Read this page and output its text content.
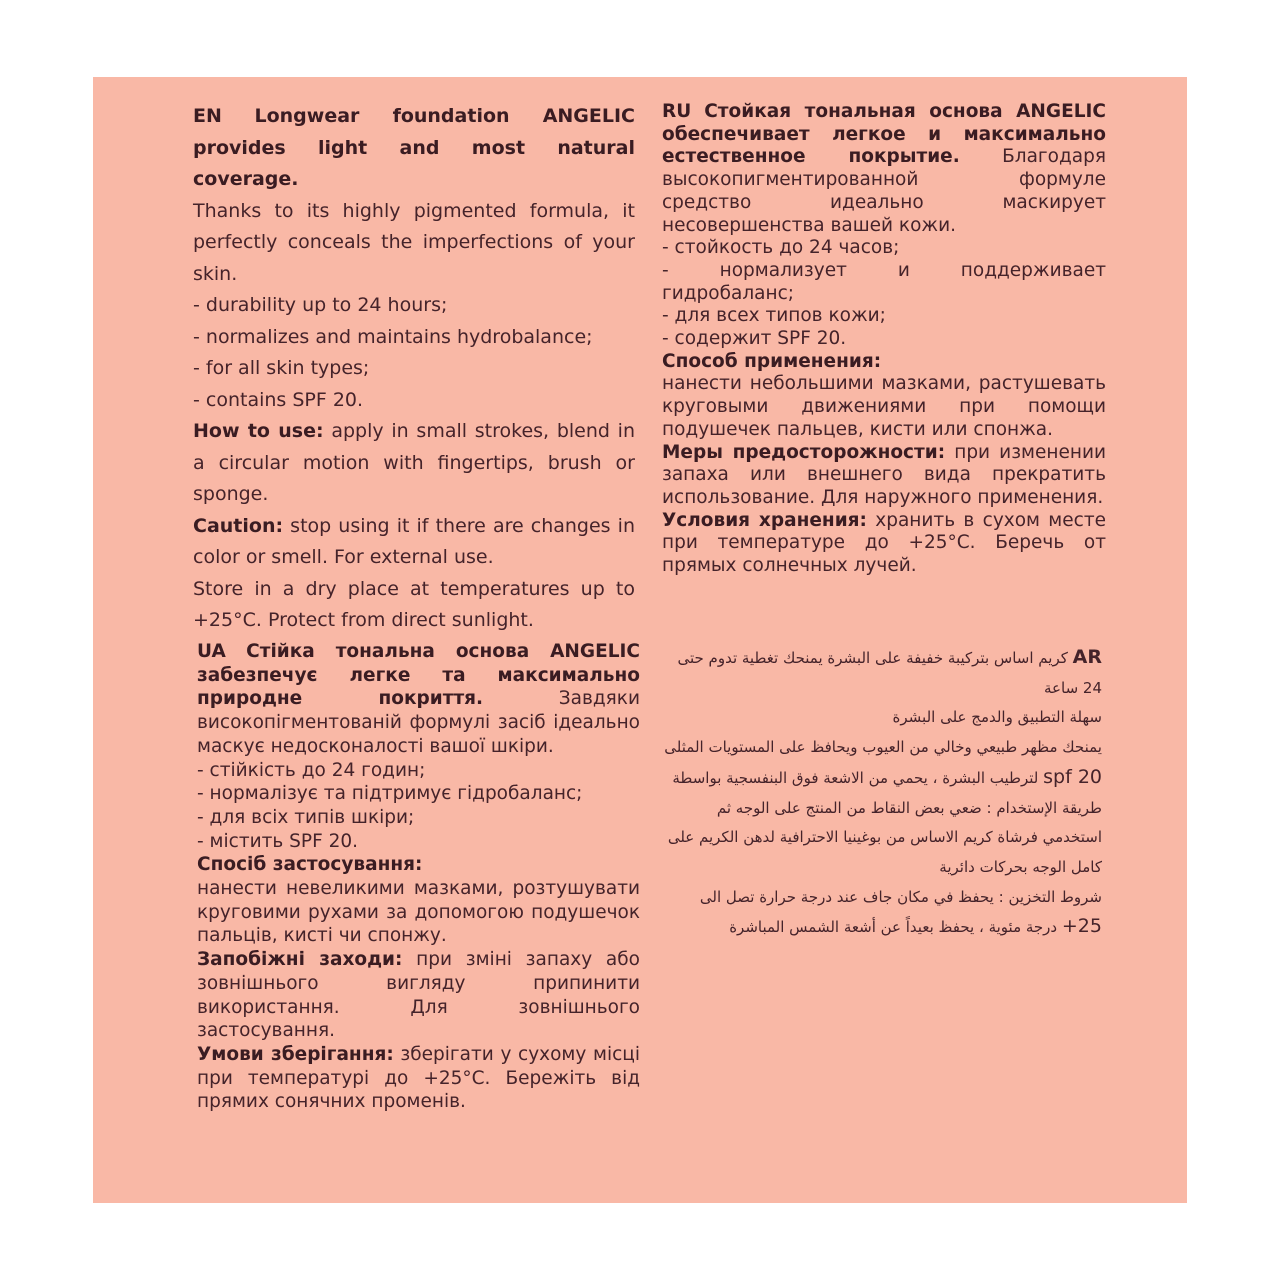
EN Longwear foundation ANGELIC provides light and most natural coverage.

Thanks to its highly pigmented formula, it perfectly conceals the imperfections of your skin.

- durability up to 24 hours;

- normalizes and maintains hydrobalance;

- for all skin types;

- contains SPF 20.

How to use: apply in small strokes, blend in a circular motion with fingertips, brush or sponge.

Caution: stop using it if there are changes in color or smell. For external use.

Store in a dry place at temperatures up to +25°C. Protect from direct sunlight.

RU Стойкая тональная основа ANGELIC обеспечивает легкое и максимально естественное покрытие. Благодаря высокопигментированной формуле средство идеально маскирует несовершенства вашей кожи.

- стойкость до 24 часов;

- нормализует и поддерживает гидробаланс;

- для всех типов кожи;

- содержит SPF 20.

Способ применения:

нанести небольшими мазками, растушевать круговыми движениями при помощи подушечек пальцев, кисти или спонжа.

Меры предосторожности: при изменении запаха или внешнего вида прекратить использование. Для наружного применения.

Условия хранения: хранить в сухом месте при температуре до +25°С. Беречь от прямых солнечных лучей.

UA Стійка тональна основа ANGELIC забезпечує легке та максимально природне покриття.	Завдяки високопігментованій формулі засіб ідеально маскує недосконалості вашої шкіри.

- стійкість до 24 годин;

- нормалізує та підтримує гідробаланс;

- для всіх типів шкіри;

- містить SPF 20.

Спосіб застосування:

нанести невеликими мазками, розтушувати круговими рухами за допомогою подушечок пальців, кисті чи спонжу.

Запобіжні заходи: при зміні запаху або зовнішнього вигляду припинити використання. Для зовнішнього застосування.

Умови зберігання: зберігати у сухому місці при температурі до +25°С. Бережіть від прямих сонячних променів.

AR كريم اساس بتركيبة خفيفة على البشرة يمنحك تغطية تدوم حتى 24 ساعة

سهلة التطبيق والدمج على البشرة

يمنحك مظهر طبيعي وخالي من العيوب ويحافظ على المستويات المثلى

spf 20 لترطيب البشرة ، يحمي من الاشعة فوق البنفسجية بواسطة

طريقة الإستخدام : ضعي بعض النقاط من المنتج على الوجه ثم استخدمي فرشاة كريم الاساس من بوغينيا الاحترافية لدهن الكريم على كامل الوجه بحركات دائرية

شروط التخزين : يحفظ في مكان جاف عند درجة حرارة تصل الى

+25 درجة مئوية ، يحفظ بعيداً عن أشعة الشمس المباشرة
